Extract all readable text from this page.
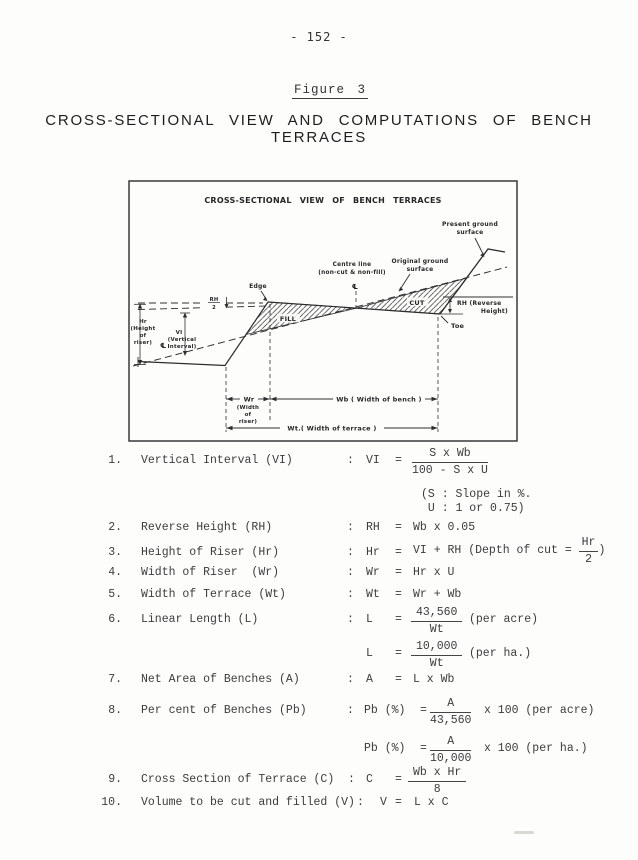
- 152 -
Figure 3
CROSS-SECTIONAL VIEW AND COMPUTATIONS OF BENCH TERRACES
CROSS-SECTIONAL VIEW OF BENCH TERRACES
RH
2
Hr
(Height
of
riser) ℄
VI
(Vertical
Interval)
Edge
Centre line
(non-cut & non-fill)
℄
Present ground
surface
Original ground
surface
FILL
CUT	RH (Reverse
Height)
Toe
Wr
(Width
of
riser)
Wb ( Width of bench )
Wt.( Width of terrace )
1. Vertical Interval (VI)	: VI = $\frac{\text{S x Wb}}{\text{100 - S x U}}$
(S : Slope in %.
U : 1 or 0.75)
2. Reverse Height (RH)	: RH = Wb x 0.05
3. Height of Riser (Hr)	: Hr = VI + RH (Depth of cut = $\frac{Hr}{2}$ )
4. Width of Riser  (Wr)	: Wr = Hr x U
5. Width of Terrace (Wt)	: Wt = Wr + Wb
6. Linear Length (L)	: $L = \frac{43,560}{Wt} (per$ acre)
$L = \frac{10,000}{Wt} (per$ ha.)
7. Net Area of Benches (A)	: A = L x Wb
8. Per cent of Benches (Pb)	: Pb (%) = $\frac{A}{43,560}$ x 100 (per acre)
Pb (%) = $\frac{A}{10,000}$ x 100 (per ha.)
9. Cross Section of Terrace (C) : $C = \frac{\text{Wb x Hr}}{8}$
10. Volume to be cut and filled (V) : V = L x C
